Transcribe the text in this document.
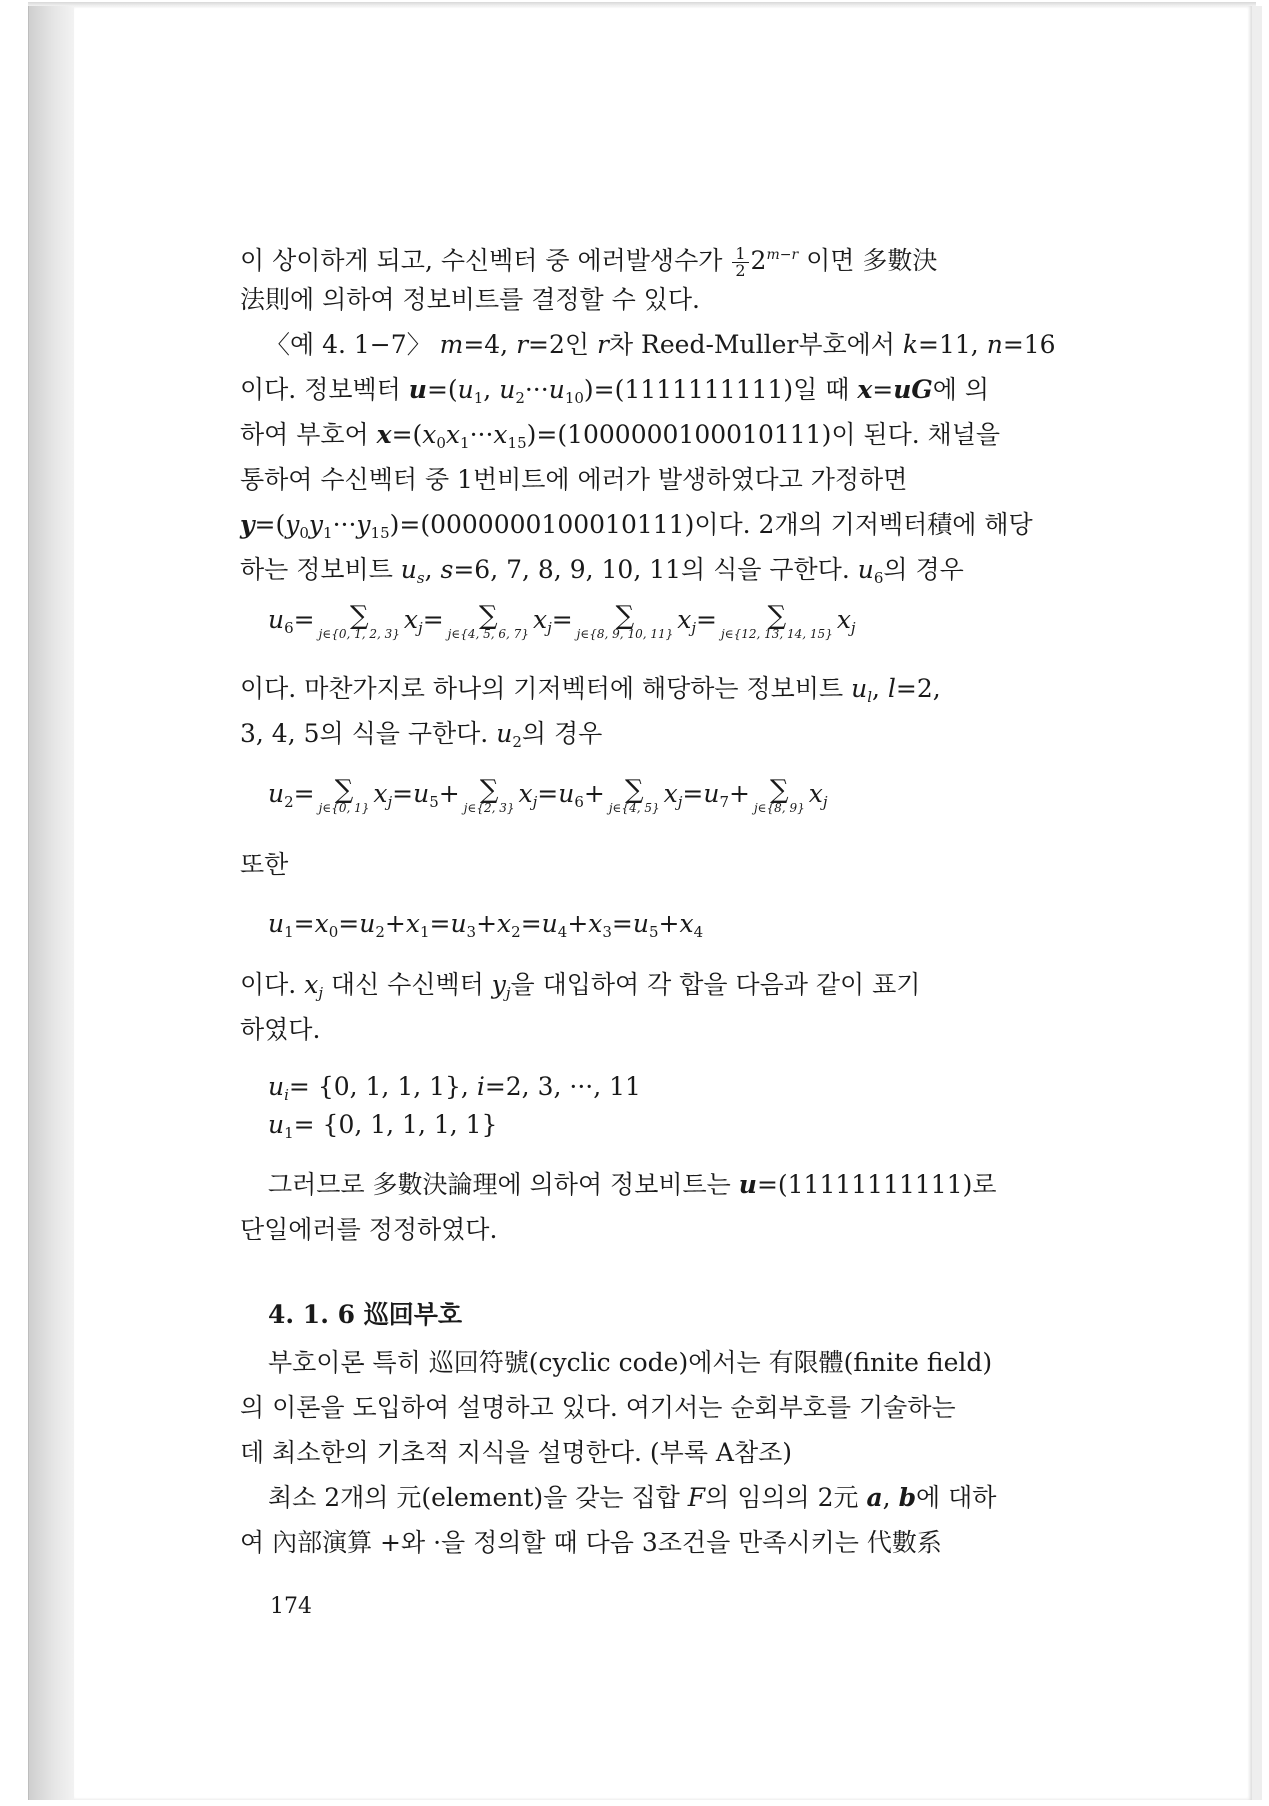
이 상이하게 되고, 수신벡터 중 에러발생수가 $\frac{1}{2} 2^{m-r}$ 이면 多數決
法則에 의하여 정보비트를 결정할 수 있다.
〈예 4. 1−7〉 m=4, r=2인 r차 Reed-Muller부호에서 k=11, n=16
이다. 정보벡터 $u=(u_1$, $u_2\cdot\cdot\cdot u_{10})=(1111111111)$일 때 x=uG에 의
하여 부호어 $x=(x_0x_1\cdot\cdot\cdot x_{15})=(1000000100010111)$이 된다. 채널을
통하여 수신벡터 중 1번비트에 에러가 발생하였다고 가정하면
$y=(y_0y_1\cdot\cdot\cdot y_{15})=(0000000100010111)$이다. 2개의 기저벡터積에 해당
하는 정보비트 $u_s$, s=6, 7, 8, 9, 10, 11의 식을 구한다. $u_6$의 경우
$u_6=$	∑
j∈{0, 1, 2, 3} $x_j=$	∑
j∈{4, 5, 6, 7} $x_j=$	∑
j∈{8, 9, 10, 11} $x_j=$	∑
j∈{12, 13, 14, 15} $x_j$
이다. 마찬가지로 하나의 기저벡터에 해당하는 정보비트 $u_l$, l=2,
3, 4, 5의 식을 구한다. $u_2$의 경우
$u_2=$ ∑
j∈{0, 1} $x_j=u_5+$ ∑
j∈{2, 3} $x_j=u_6+$ ∑
j∈{4, 5} $x_j=u_7+$ ∑
j∈{8, 9} $x_j$
또한
$u_1=x_0=u_2+x_1=u_3+x_2=u_4+x_3=u_5+x_4$
이다. $x_j$ 대신 수신벡터 $y_j$을 대입하여 각 합을 다음과 같이 표기
하였다.
$u_i= \{0$, 1, 1, 1}, i=2, 3, ···, 11
$u_1= \{0$, 1, 1, 1, 1}
그러므로 多數決論理에 의하여 정보비트는 u=(11111111111)로
단일에러를 정정하였다.
4. 1. 6 巡回부호
부호이론 특히 巡回符號(cyclic code)에서는 有限體(finite field)
의 이론을 도입하여 설명하고 있다. 여기서는 순회부호를 기술하는
데 최소한의 기초적 지식을 설명한다. (부록 A참조)
최소 2개의 元(element)을 갖는 집합 F의 임의의 2元 a, b에 대하
여 內部演算 +와 ·을 정의할 때 다음 3조건을 만족시키는 代數系
174
